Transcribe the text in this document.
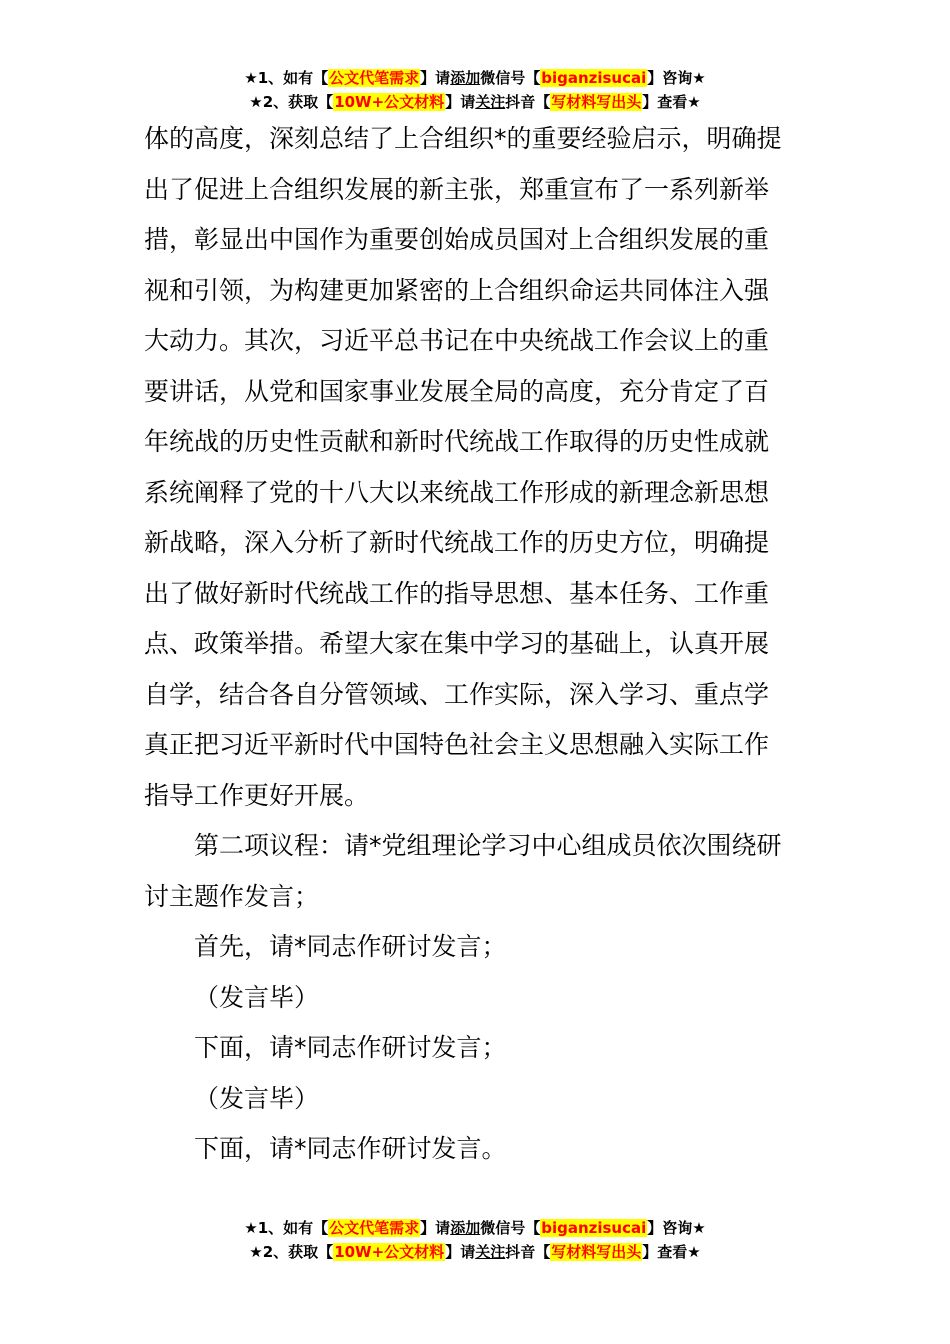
★1、如有【公文代笔需求】请添加微信号【biganzisucai】咨询★
★2、获取【10W+公文材料】请关注抖音【写材料写出头】查看★
体的高度，深刻总结了上合组织*的重要经验启示，明确提
出了促进上合组织发展的新主张，郑重宣布了一系列新举
措，彰显出中国作为重要创始成员国对上合组织发展的重
视和引领，为构建更加紧密的上合组织命运共同体注入强
大动力。其次，习近平总书记在中央统战工作会议上的重
要讲话，从党和国家事业发展全局的高度，充分肯定了百
年统战的历史性贡献和新时代统战工作取得的历史性成就
系统阐释了党的十八大以来统战工作形成的新理念新思想
新战略，深入分析了新时代统战工作的历史方位，明确提
出了做好新时代统战工作的指导思想、基本任务、工作重
点、政策举措。希望大家在集中学习的基础上，认真开展
自学，结合各自分管领域、工作实际，深入学习、重点学
真正把习近平新时代中国特色社会主义思想融入实际工作
指导工作更好开展。
第二项议程：请*党组理论学习中心组成员依次围绕研
讨主题作发言；
首先，请*同志作研讨发言；
（发言毕）
下面，请*同志作研讨发言；
（发言毕）
下面，请*同志作研讨发言。
★1、如有【公文代笔需求】请添加微信号【biganzisucai】咨询★
★2、获取【10W+公文材料】请关注抖音【写材料写出头】查看★
